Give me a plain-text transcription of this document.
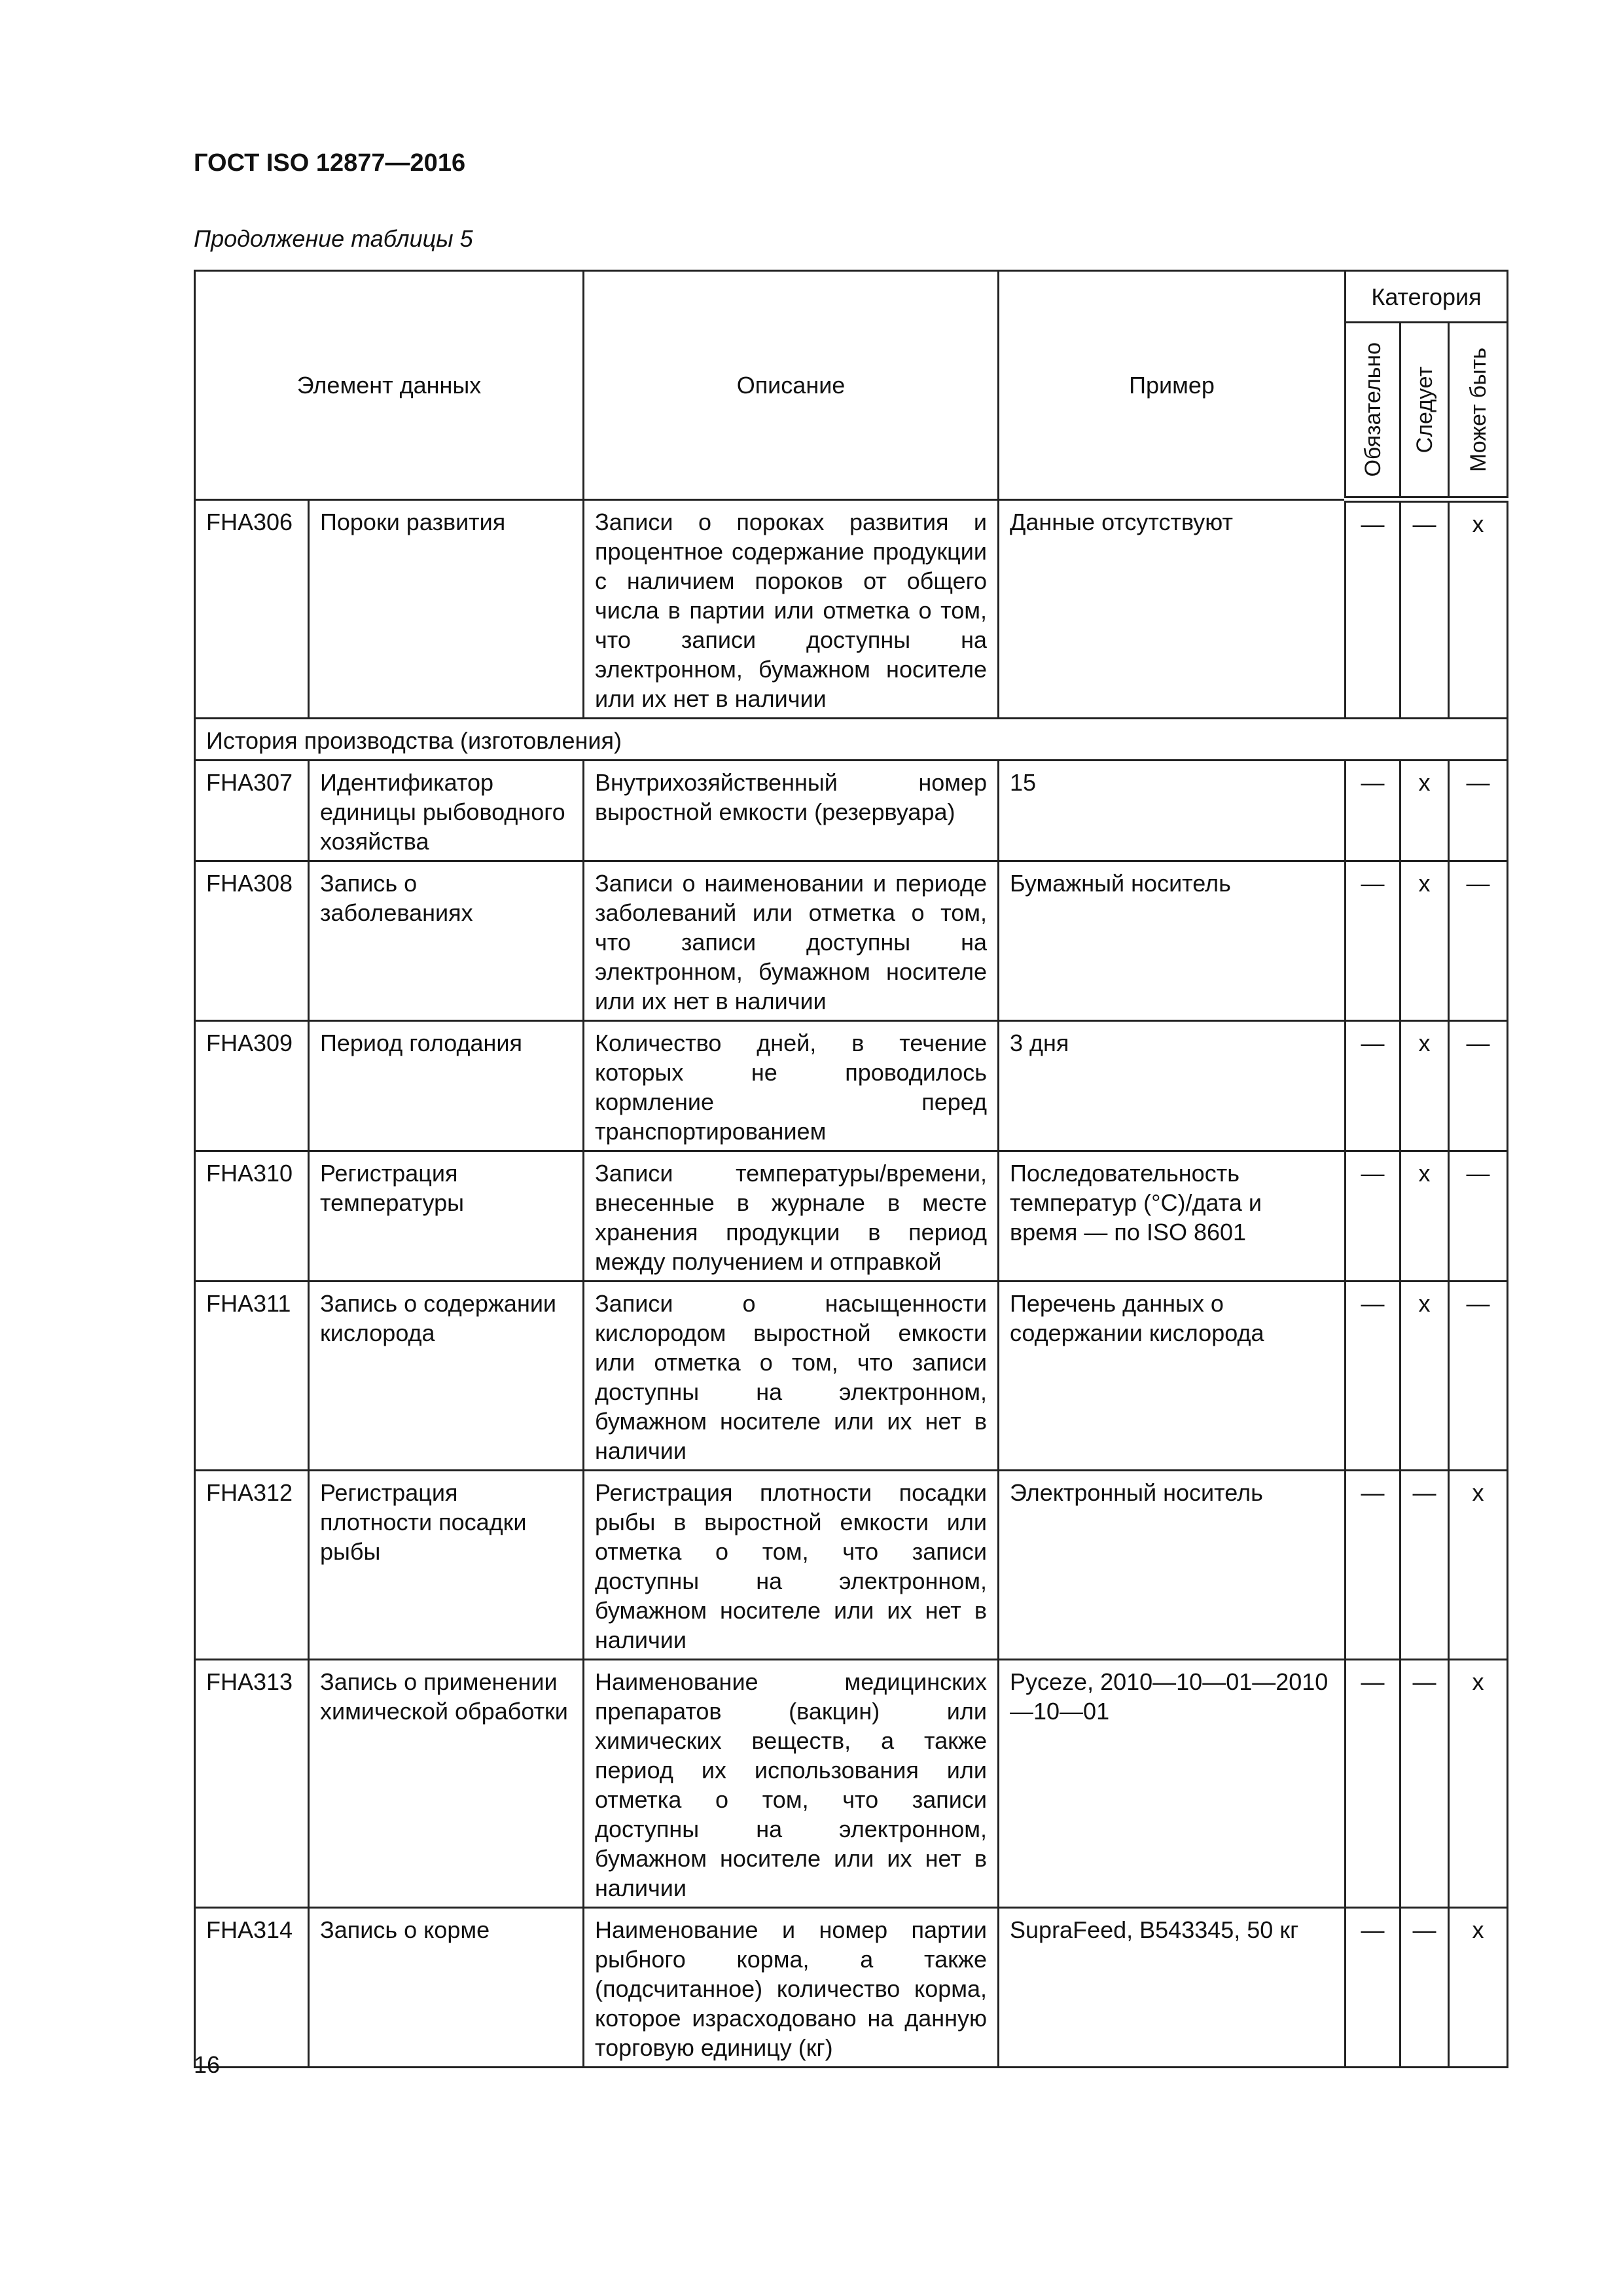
ГОСТ ISO 12877—2016

Продолжение таблицы 5

Элемент данных		Описание	Пример	Категория		

				Обязательно	Следует	Может быть

FHA306	Пороки развития	Записи о пороках развития и процентное содержание продукции с наличием пороков от общего числа в партии или отметка о том, что записи доступны на электронном, бумажном носителе или их нет в наличии	Данные отсутствуют	—	—	x
История производства (изготовления)						
FHA307	Идентификатор единицы рыбоводного хозяйства	Внутрихозяйственный номер выростной емкости (резервуара)	15	—	x	—
FHA308	Запись о заболеваниях	Записи о наименовании и периоде заболеваний или отметка о том, что записи доступны на электронном, бумажном носителе или их нет в наличии	Бумажный носитель	—	x	—
FHA309	Период голодания	Количество дней, в течение которых не проводилось кормление перед транспортированием	3 дня	—	x	—
FHA310	Регистрация температуры	Записи температуры/времени, внесенные в журнале в месте хранения продукции в период между получением и отправкой	Последовательность температур (°C)/дата и время — по ISO 8601	—	x	—
FHA311	Запись о содержании кислорода	Записи о насыщенности кислородом выростной емкости или отметка о том, что записи доступны на электронном, бумажном носителе или их нет в наличии	Перечень данных о содержании кислорода	—	x	—
FHA312	Регистрация плотности посадки рыбы	Регистрация плотности посадки рыбы в выростной емкости или отметка о том, что записи доступны на электронном, бумажном носителе или их нет в наличии	Электронный носитель	—	—	x
FHA313	Запись о применении химической обработки	Наименование медицинских препаратов (вакцин) или химических веществ, а также период их использования или отметка о том, что записи доступны на электронном, бумажном носителе или их нет в наличии	Pyceze, 2010—10—01—2010—10—01	—	—	x
FHA314	Запись о корме	Наименование и номер партии рыбного корма, а также (подсчитанное) количество корма, которое израсходовано на данную торговую единицу (кг)	SupraFeed, B543345, 50 кг	—	—	x

16
